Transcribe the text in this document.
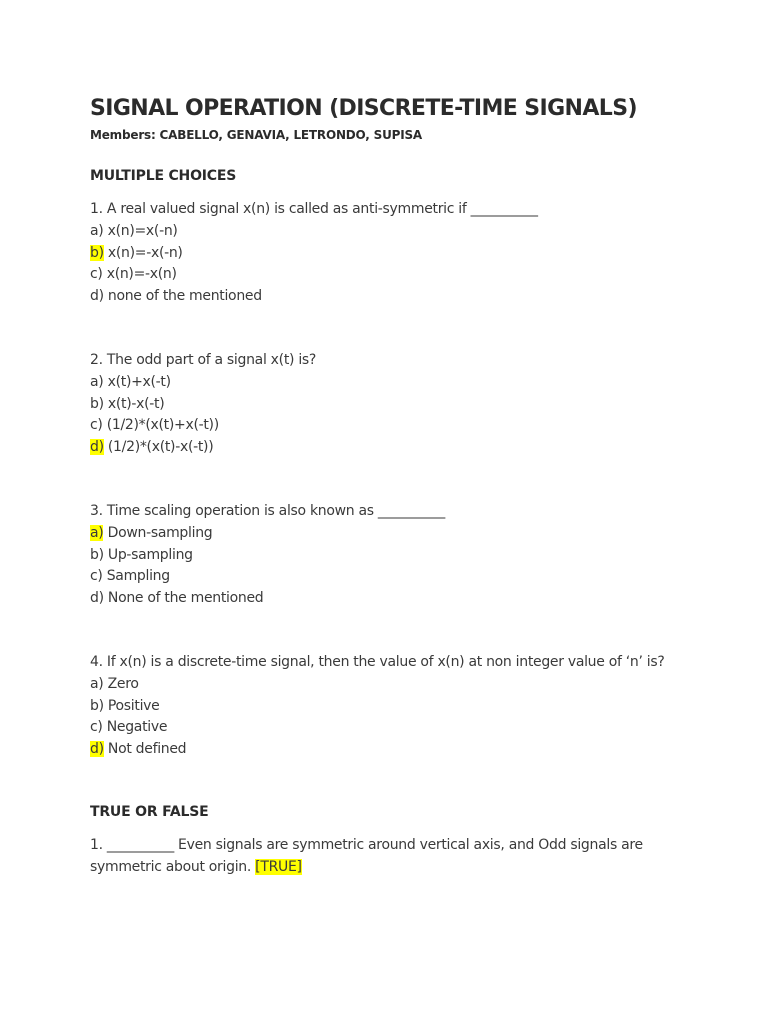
SIGNAL OPERATION (DISCRETE-TIME SIGNALS)
Members: CABELLO, GENAVIA, LETRONDO, SUPISA
MULTIPLE CHOICES
1. A real valued signal x(n) is called as anti-symmetric if __________
a) x(n)=x(-n)
b) x(n)=-x(-n)
c) x(n)=-x(n)
d) none of the mentioned
2. The odd part of a signal x(t) is?
a) x(t)+x(-t)
b) x(t)-x(-t)
c) (1/2)*(x(t)+x(-t))
d) (1/2)*(x(t)-x(-t))
3. Time scaling operation is also known as __________
a) Down-sampling
b) Up-sampling
c) Sampling
d) None of the mentioned
4. If x(n) is a discrete-time signal, then the value of x(n) at non integer value of ‘n’ is?
a) Zero
b) Positive
c) Negative
d) Not defined
TRUE OR FALSE
1. __________ Even signals are symmetric around vertical axis, and Odd signals are symmetric about origin. [TRUE]
